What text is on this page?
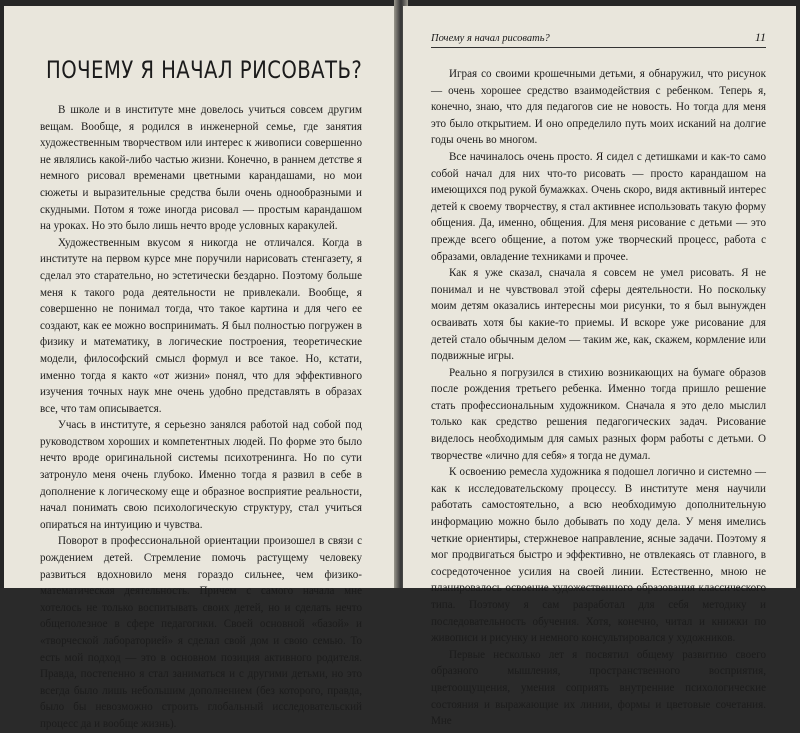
ПОЧЕМУ Я НАЧАЛ РИСОВАТЬ?

В школе и в институте мне довелось учиться совсем другим вещам. Вообще, я родился в инженерной семье, где занятия художественным творчеством или интерес к живописи совершенно не являлись какой-либо частью жизни. Конечно, в раннем детстве я немного рисовал временами цветными карандашами, но мои сюжеты и выразительные средства были очень однообразными и скудными. Потом я тоже иногда рисовал — простым карандашом на уроках. Но это было лишь нечто вроде условных каракулей.

Художественным вкусом я никогда не отличался. Когда в институте на первом курсе мне поручили нарисовать стенгазету, я сделал это старательно, но эстетически бездарно. Поэтому больше меня к такого рода деятельности не привлекали. Вообще, я совершенно не понимал тогда, что такое картина и для чего ее создают, как ее можно воспринимать. Я был полностью погружен в физику и математику, в логические построения, теоретические модели, философский смысл формул и все такое. Но, кстати, именно тогда я както «от жизни» понял, что для эффективного изучения точных наук мне очень удобно представлять в образах все, что там описывается.

Учась в институте, я серьезно занялся работой над собой под руководством хороших и компетентных людей. По форме это было нечто вроде оригинальной системы психотренинга. Но по сути затронуло меня очень глубоко. Именно тогда я развил в себе в дополнение к логическому еще и образное восприятие реальности, начал понимать свою психологическую структуру, стал учиться опираться на интуицию и чувства.

Поворот в профессиональной ориентации произошел в связи с рождением детей. Стремление помочь растущему человеку развиться вдохновило меня гораздо сильнее, чем физико-математическая деятельность. Причем с самого начала мне хотелось не только воспитывать своих детей, но и сделать нечто общеполезное в сфере педагогики. Своей основной «базой» и «творческой лабораторией» я сделал свой дом и свою семью. То есть мой подход — это в основном позиция активного родителя. Правда, постепенно я стал заниматься и с другими детьми, но это всегда было лишь небольшим дополнением (без которого, правда, было бы невозможно строить глобальный исследовательский процесс да и вообще жизнь).

Почему я начал рисовать?	11

Играя со своими крошечными детьми, я обнаружил, что рисунок — очень хорошее средство взаимодействия с ребенком. Теперь я, конечно, знаю, что для педагогов сие не новость. Но тогда для меня это было открытием. И оно определило путь моих исканий на долгие годы очень во многом.

Все начиналось очень просто. Я сидел с детишками и как-то само собой начал для них что-то рисовать — просто карандашом на имеющихся под рукой бумажках. Очень скоро, видя активный интерес детей к своему творчеству, я стал активнее использовать такую форму общения. Да, именно, общения. Для меня рисование с детьми — это прежде всего общение, а потом уже творческий процесс, работа с образами, овладение техниками и прочее.

Как я уже сказал, сначала я совсем не умел рисовать. Я не понимал и не чувствовал этой сферы деятельности. Но поскольку моим детям оказались интересны мои рисунки, то я был вынужден осваивать хотя бы какие-то приемы. И вскоре уже рисование для детей стало обычным делом — таким же, как, скажем, кормление или подвижные игры.

Реально я погрузился в стихию возникающих на бумаге образов после рождения третьего ребенка. Именно тогда пришло решение стать профессиональным художником. Сначала я это дело мыслил только как средство решения педагогических задач. Рисование виделось необходимым для самых разных форм работы с детьми. О творчестве «лично для себя» я тогда не думал.

К освоению ремесла художника я подошел логично и системно — как к исследовательскому процессу. В институте меня научили работать самостоятельно, а всю необходимую дополнительную информацию можно было добывать по ходу дела. У меня имелись четкие ориентиры, стержневое направление, ясные задачи. Поэтому я мог продвигаться быстро и эффективно, не отвлекаясь от главного, в сосредоточенное усилия на своей линии. Естественно, мною не планировалось освоение художественного образования классического типа. Поэтому я сам разработал для себя методику и последовательность обучения. Хотя, конечно, читал и книжки по живописи и рисунку и немного консультировался у художников.

Первые несколько лет я посвятил общему развитию своего образного мышления, пространственного восприятия, цветоощущения, умения соприять внутренние психологические состояния и выражающие их линии, формы и цветовые сочетания. Мне
